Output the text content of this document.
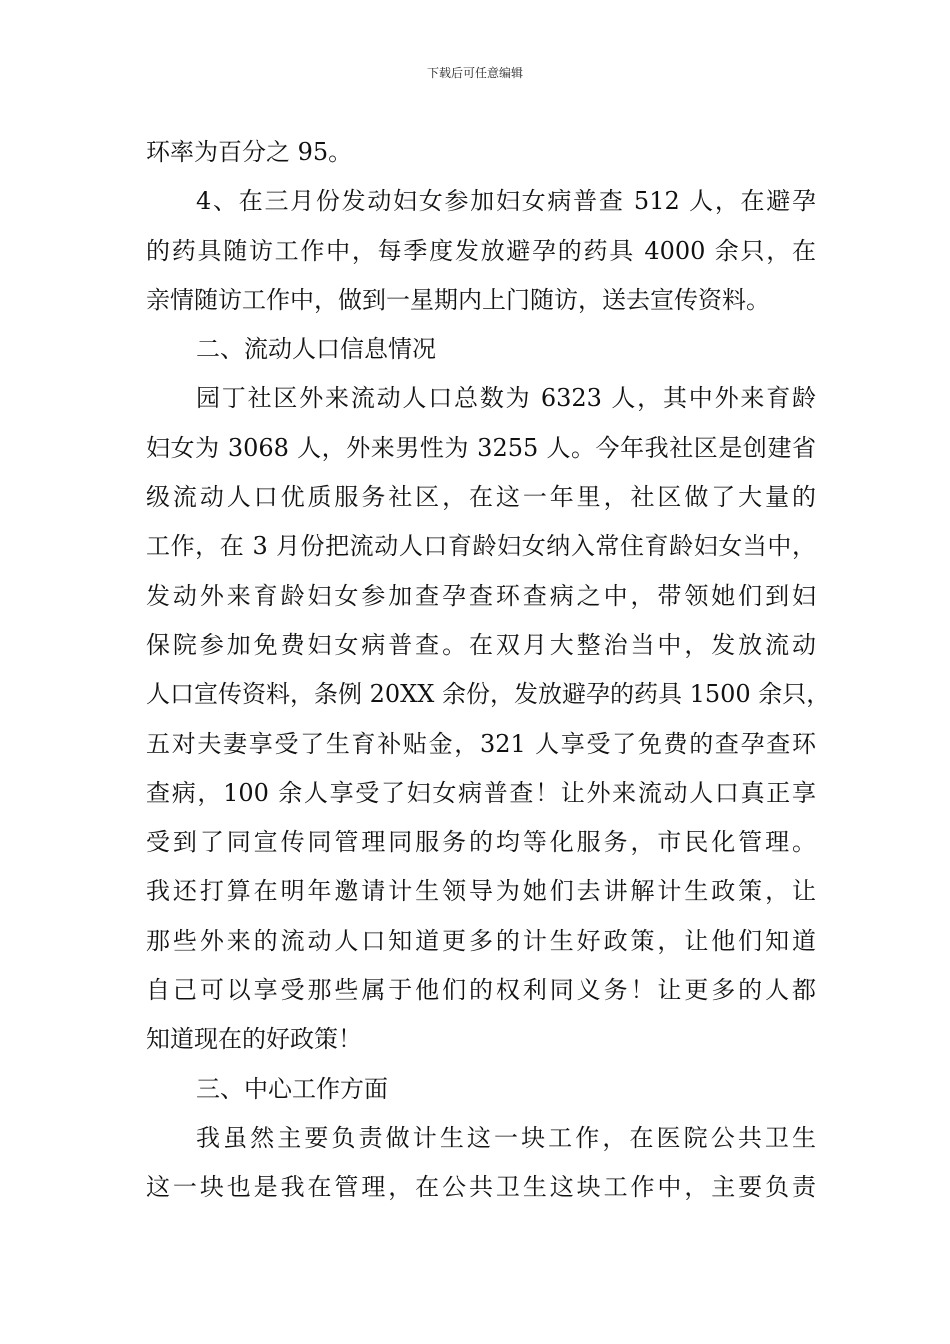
下载后可任意编辑
环率为百分之 95。
4、在三月份发动妇女参加妇女病普查 512 人，在避孕
的药具随访工作中，每季度发放避孕的药具 4000 余只，在
亲情随访工作中，做到一星期内上门随访，送去宣传资料。
二、流动人口信息情况
园丁社区外来流动人口总数为 6323 人，其中外来育龄
妇女为 3068 人，外来男性为 3255 人。今年我社区是创建省
级流动人口优质服务社区，在这一年里，社区做了大量的
工作，在 3 月份把流动人口育龄妇女纳入常住育龄妇女当中，
发动外来育龄妇女参加查孕查环查病之中，带领她们到妇
保院参加免费妇女病普查。在双月大整治当中，发放流动
人口宣传资料，条例 20XX 余份，发放避孕的药具 1500 余只，
五对夫妻享受了生育补贴金，321 人享受了免费的查孕查环
查病，100 余人享受了妇女病普查！让外来流动人口真正享
受到了同宣传同管理同服务的均等化服务，市民化管理。
我还打算在明年邀请计生领导为她们去讲解计生政策，让
那些外来的流动人口知道更多的计生好政策，让他们知道
自己可以享受那些属于他们的权利同义务！让更多的人都
知道现在的好政策！
三、中心工作方面
我虽然主要负责做计生这一块工作，在医院公共卫生
这一块也是我在管理，在公共卫生这块工作中，主要负责
